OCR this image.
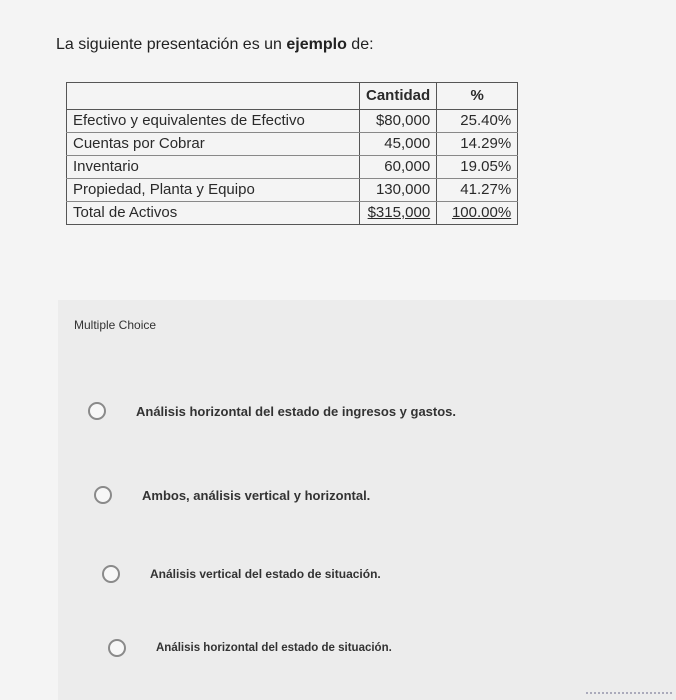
La siguiente presentación es un ejemplo de:
	Cantidad	%
Efectivo y equivalentes de Efectivo	$80,000	25.40%
Cuentas por Cobrar	45,000	14.29%
Inventario	60,000	19.05%
Propiedad, Planta y Equipo	130,000	41.27%
Total de Activos	$315,000	100.00%
Multiple Choice
Análisis horizontal del estado de ingresos y gastos.
Ambos, análisis vertical y horizontal.
Análisis vertical del estado de situación.
Análisis horizontal del estado de situación.
